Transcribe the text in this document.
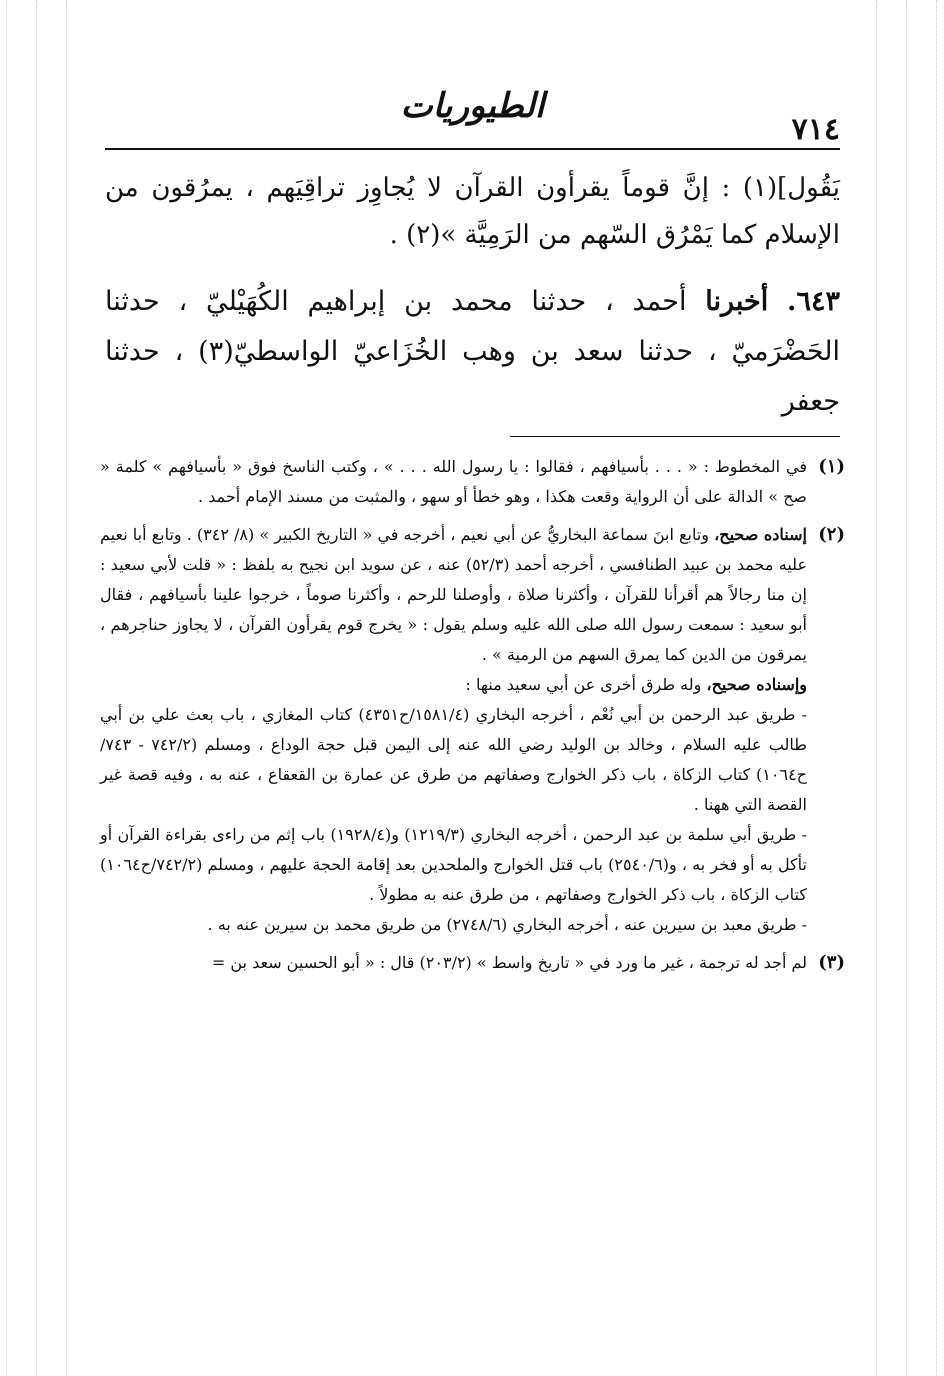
٧١٤
الطيوريات

يَقُول](١) : إنَّ قوماً يقرأون القرآن لا يُجاوِز تراقِيَهم ، يمرُقون من الإسلام كما يَمْرُق السّهم من الرَمِيَّة »(٢) .

٦٤٣. أخبرنا أحمد ، حدثنا محمد بن إبراهيم الكُهَيْليّ ، حدثنا الحَضْرَميّ ، حدثنا سعد بن وهب الخُزَاعيّ الواسطيّ(٣) ، حدثنا جعفر

(١)

في المخطوط : « . . . بأسيافهم ، فقالوا : يا رسول الله . . . » ، وكتب الناسخ فوق « بأسيافهم » كلمة « صح » الدالة على أن الرواية وقعت هكذا ، وهو خطأ أو سهو ، والمثبت من مسند الإمام أحمد .

(٢)

إسناده صحيح، وتابع ابنَ سماعة البخاريُّ عن أبي نعيم ، أخرجه في « التاريخ الكبير » (٨/ ٣٤٢) . وتابع أبا نعيم عليه محمد بن عبيد الطنافسي ، أخرجه أحمد (٥٢/٣) عنه ، عن سويد ابن نجيح به بلفظ : « قلت لأبي سعيد : إن منا رجالاً هم أقرأنا للقرآن ، وأكثرنا صلاة ، وأوصلنا للرحم ، وأكثرنا صوماً ، خرجوا علينا بأسيافهم ، فقال أبو سعيد : سمعت رسول الله صلى الله عليه وسلم يقول : « يخرج قوم يقرأون القرآن ، لا يجاوز حناجرهم ، يمرقون من الدين كما يمرق السهم من الرمية » .

وإسناده صحيح، وله طرق أخرى عن أبي سعيد منها :

- طريق عبد الرحمن بن أبي نُعْم ، أخرجه البخاري (١٥٨١/٤/ح٤٣٥١) كتاب المغازي ، باب بعث علي بن أبي طالب عليه السلام ، وخالد بن الوليد رضي الله عنه إلى اليمن قبل حجة الوداع ، ومسلم (٧٤٢/٢ - ٧٤٣/ح١٠٦٤) كتاب الزكاة ، باب ذكر الخوارج وصفاتهم من طرق عن عمارة بن القعقاع ، عنه به ، وفيه قصة غير القصة التي ههنا .

- طريق أبي سلمة بن عبد الرحمن ، أخرجه البخاري (١٢١٩/٣) و(١٩٢٨/٤) باب إثم من راءى بقراءة القرآن أو تأكل به أو فخر به ، و(٢٥٤٠/٦) باب قتل الخوارج والملحدين بعد إقامة الحجة عليهم ، ومسلم (٧٤٢/٢/ح١٠٦٤) كتاب الزكاة ، باب ذكر الخوارج وصفاتهم ، من طرق عنه به مطولاً .

- طريق معبد بن سيرين عنه ، أخرجه البخاري (٢٧٤٨/٦) من طريق محمد بن سيرين عنه به .

(٣)

لم أجد له ترجمة ، غير ما ورد في « تاريخ واسط » (٢٠٣/٢) قال : « أبو الحسين سعد بن =
